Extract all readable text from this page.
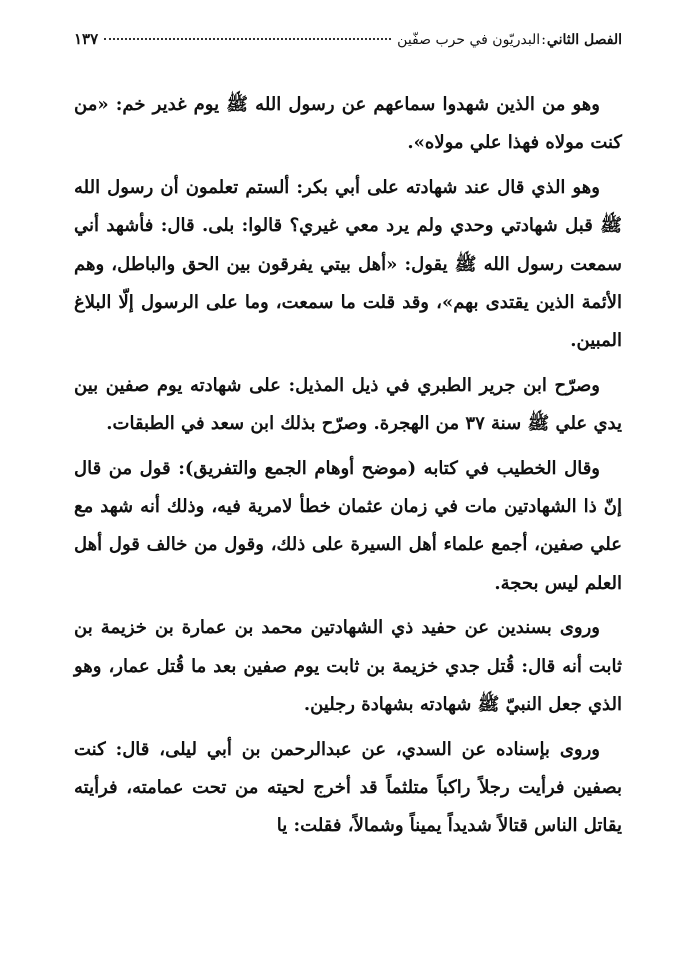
الفصل الثاني
:
البدريّون في حرب صفّين
١٣٧

وهو من الذين شهدوا سماعهم عن رسول الله ﷺ يوم غدير خم: «من كنت مولاه فهذا علي مولاه».

وهو الذي قال عند شهادته على أبي بكر: ألستم تعلمون أن رسول الله ﷺ قبل شهادتي وحدي ولم يرد معي غيري؟ قالوا: بلى. قال: فأشهد أني سمعت رسول الله ﷺ يقول: «أهل بيتي يفرقون بين الحق والباطل، وهم الأئمة الذين يقتدى بهم»، وقد قلت ما سمعت، وما على الرسول إلّا البلاغ المبين.

وصرّح ابن جرير الطبري في ذيل المذيل: على شهادته يوم صفين بين يدي علي ﷺ سنة ٣٧ من الهجرة. وصرّح بذلك ابن سعد في الطبقات.

وقال الخطيب في كتابه (موضح أوهام الجمع والتفريق): قول من قال إنّ ذا الشهادتين مات في زمان عثمان خطأ لامرية فيه، وذلك أنه شهد مع علي صفين، أجمع علماء أهل السيرة على ذلك، وقول من خالف قول أهل العلم ليس بحجة.

وروى بسندين عن حفيد ذي الشهادتين محمد بن عمارة بن خزيمة بن ثابت أنه قال: قُتل جدي خزيمة بن ثابت يوم صفين بعد ما قُتل عمار، وهو الذي جعل النبيّ ﷺ شهادته بشهادة رجلين.

وروى بإسناده عن السدي، عن عبدالرحمن بن أبي ليلى، قال: كنت بصفين فرأيت رجلاً راكباً متلثماً قد أخرج لحيته من تحت عمامته، فرأيته يقاتل الناس قتالاً شديداً يميناً وشمالاً، فقلت: يا
